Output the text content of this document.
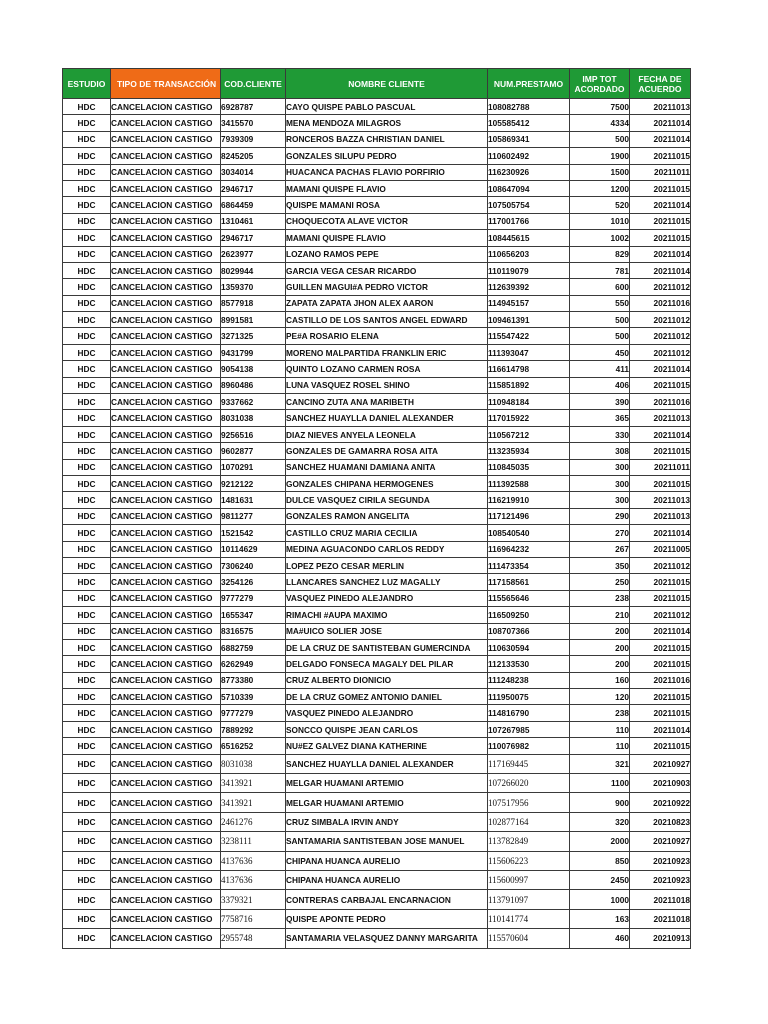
ESTUDIO	TIPO DE TRANSACCIÓN	COD.CLIENTE	NOMBRE CLIENTE	NUM.PRESTAMO	IMP TOT ACORDADO	FECHA DE ACUERDO
HDC	CANCELACION CASTIGO	6928787	CAYO QUISPE PABLO PASCUAL	108082788	7500	20211013
HDC	CANCELACION CASTIGO	3415570	MENA MENDOZA MILAGROS	105585412	4334	20211014
HDC	CANCELACION CASTIGO	7939309	RONCEROS BAZZA CHRISTIAN DANIEL	105869341	500	20211014
HDC	CANCELACION CASTIGO	8245205	GONZALES SILUPU PEDRO	110602492	1900	20211015
HDC	CANCELACION CASTIGO	3034014	HUACANCA PACHAS FLAVIO PORFIRIO	116230926	1500	20211011
HDC	CANCELACION CASTIGO	2946717	MAMANI QUISPE FLAVIO	108647094	1200	20211015
HDC	CANCELACION CASTIGO	6864459	QUISPE MAMANI ROSA	107505754	520	20211014
HDC	CANCELACION CASTIGO	1310461	CHOQUECOTA ALAVE VICTOR	117001766	1010	20211015
HDC	CANCELACION CASTIGO	2946717	MAMANI QUISPE FLAVIO	108445615	1002	20211015
HDC	CANCELACION CASTIGO	2623977	LOZANO RAMOS PEPE	110656203	829	20211014
HDC	CANCELACION CASTIGO	8029944	GARCIA VEGA CESAR RICARDO	110119079	781	20211014
HDC	CANCELACION CASTIGO	1359370	GUILLEN MAGUI#A PEDRO VICTOR	112639392	600	20211012
HDC	CANCELACION CASTIGO	8577918	ZAPATA ZAPATA JHON ALEX AARON	114945157	550	20211016
HDC	CANCELACION CASTIGO	8991581	CASTILLO DE LOS SANTOS ANGEL EDWARD	109461391	500	20211012
HDC	CANCELACION CASTIGO	3271325	PE#A ROSARIO ELENA	115547422	500	20211012
HDC	CANCELACION CASTIGO	9431799	MORENO MALPARTIDA FRANKLIN ERIC	111393047	450	20211012
HDC	CANCELACION CASTIGO	9054138	QUINTO LOZANO CARMEN ROSA	116614798	411	20211014
HDC	CANCELACION CASTIGO	8960486	LUNA VASQUEZ ROSEL SHINO	115851892	406	20211015
HDC	CANCELACION CASTIGO	9337662	CANCINO ZUTA ANA MARIBETH	110948184	390	20211016
HDC	CANCELACION CASTIGO	8031038	SANCHEZ HUAYLLA DANIEL ALEXANDER	117015922	365	20211013
HDC	CANCELACION CASTIGO	9256516	DIAZ NIEVES ANYELA LEONELA	110567212	330	20211014
HDC	CANCELACION CASTIGO	9602877	GONZALES DE GAMARRA ROSA AITA	113235934	308	20211015
HDC	CANCELACION CASTIGO	1070291	SANCHEZ HUAMANI DAMIANA ANITA	110845035	300	20211011
HDC	CANCELACION CASTIGO	9212122	GONZALES CHIPANA HERMOGENES	111392588	300	20211015
HDC	CANCELACION CASTIGO	1481631	DULCE VASQUEZ CIRILA SEGUNDA	116219910	300	20211013
HDC	CANCELACION CASTIGO	9811277	GONZALES RAMON ANGELITA	117121496	290	20211013
HDC	CANCELACION CASTIGO	1521542	CASTILLO CRUZ MARIA CECILIA	108540540	270	20211014
HDC	CANCELACION CASTIGO	10114629	MEDINA AGUACONDO CARLOS REDDY	116964232	267	20211005
HDC	CANCELACION CASTIGO	7306240	LOPEZ PEZO CESAR MERLIN	111473354	350	20211012
HDC	CANCELACION CASTIGO	3254126	LLANCARES SANCHEZ LUZ MAGALLY	117158561	250	20211015
HDC	CANCELACION CASTIGO	9777279	VASQUEZ PINEDO ALEJANDRO	115565646	238	20211015
HDC	CANCELACION CASTIGO	1655347	RIMACHI #AUPA MAXIMO	116509250	210	20211012
HDC	CANCELACION CASTIGO	8316575	MA#UICO SOLIER JOSE	108707366	200	20211014
HDC	CANCELACION CASTIGO	6882759	DE LA CRUZ DE SANTISTEBAN GUMERCINDA	110630594	200	20211015
HDC	CANCELACION CASTIGO	6262949	DELGADO FONSECA MAGALY DEL PILAR	112133530	200	20211015
HDC	CANCELACION CASTIGO	8773380	CRUZ ALBERTO DIONICIO	111248238	160	20211016
HDC	CANCELACION CASTIGO	5710339	DE LA CRUZ GOMEZ ANTONIO DANIEL	111950075	120	20211015
HDC	CANCELACION CASTIGO	9777279	VASQUEZ PINEDO ALEJANDRO	114816790	238	20211015
HDC	CANCELACION CASTIGO	7889292	SONCCO QUISPE JEAN CARLOS	107267985	110	20211014
HDC	CANCELACION CASTIGO	6516252	NU#EZ GALVEZ DIANA KATHERINE	110076982	110	20211015
HDC	CANCELACION CASTIGO	8031038	SANCHEZ HUAYLLA DANIEL ALEXANDER	117169445	321	20210927
HDC	CANCELACION CASTIGO	3413921	MELGAR HUAMANI ARTEMIO	107266020	1100	20210903
HDC	CANCELACION CASTIGO	3413921	MELGAR HUAMANI ARTEMIO	107517956	900	20210922
HDC	CANCELACION CASTIGO	2461276	CRUZ SIMBALA IRVIN ANDY	102877164	320	20210823
HDC	CANCELACION CASTIGO	3238111	SANTAMARIA SANTISTEBAN JOSE MANUEL	113782849	2000	20210927
HDC	CANCELACION CASTIGO	4137636	CHIPANA HUANCA AURELIO	115606223	850	20210923
HDC	CANCELACION CASTIGO	4137636	CHIPANA HUANCA AURELIO	115600997	2450	20210923
HDC	CANCELACION CASTIGO	3379321	CONTRERAS CARBAJAL ENCARNACION	113791097	1000	20211018
HDC	CANCELACION CASTIGO	7758716	QUISPE APONTE PEDRO	110141774	163	20211018
HDC	CANCELACION CASTIGO	2955748	SANTAMARIA VELASQUEZ DANNY MARGARITA	115570604	460	20210913
